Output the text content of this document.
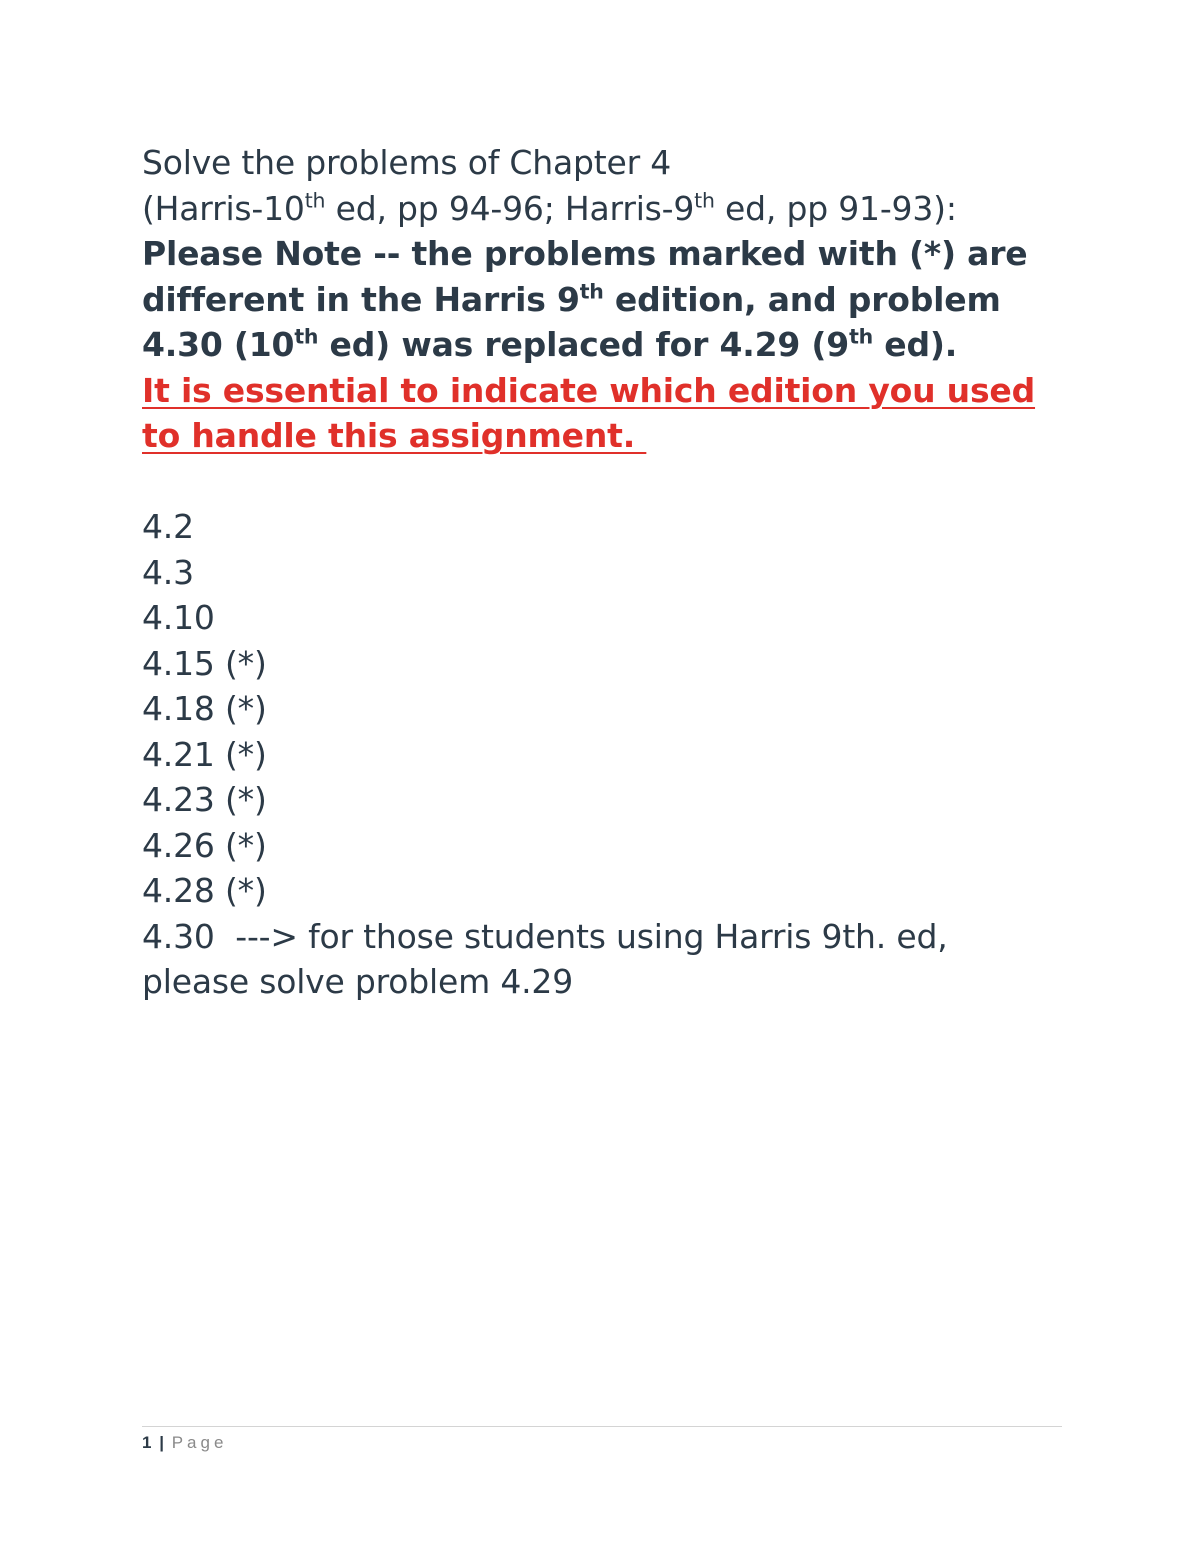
Solve the problems of Chapter 4
(Harris-10th ed, pp 94-96; Harris-9th ed, pp 91-93):
Please Note -- the problems marked with (*) are
different in the Harris 9th edition, and problem
4.30 (10th ed) was replaced for 4.29 (9th ed).
It is essential to indicate which edition you used
to handle this assignment.
4.2
4.3
4.10
4.15 (*)
4.18 (*)
4.21 (*)
4.23 (*)
4.26 (*)
4.28 (*)
4.30  ---> for those students using Harris 9th. ed,
please solve problem 4.29
1 | Page
